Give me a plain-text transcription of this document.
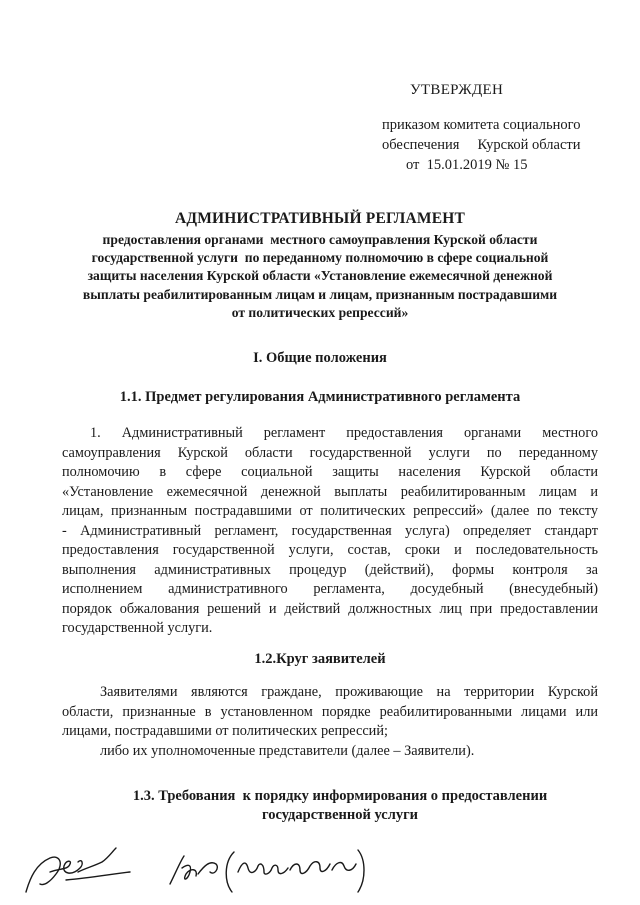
УТВЕРЖДЕН
приказом комитета социального
обеспечения     Курской области
от  15.01.2019 № 15
АДМИНИСТРАТИВНЫЙ РЕГЛАМЕНТ
предоставления органами  местного самоуправления Курской области
государственной услуги  по переданному полномочию в сфере социальной
защиты населения Курской области «Установление ежемесячной денежной
выплаты реабилитированным лицам и лицам, признанным пострадавшими
от политических репрессий»
I. Общие положения
1.1. Предмет регулирования Административного регламента
1. Административный регламент предоставления органами местного
самоуправления Курской области государственной услуги по переданному
полномочию в сфере социальной защиты населения Курской области
«Установление ежемесячной денежной выплаты реабилитированным лицам и
лицам, признанным пострадавшими от политических репрессий» (далее по тексту
- Административный регламент, государственная услуга) определяет стандарт
предоставления государственной услуги, состав, сроки и последовательность
выполнения административных процедур (действий), формы контроля за
исполнением административного регламента, досудебный (внесудебный)
порядок обжалования решений и действий должностных лиц при предоставлении
государственной услуги.
1.2.Круг заявителей
Заявителями являются граждане, проживающие на территории Курской
области, признанные в установленном порядке реабилитированными лицами или
лицами, пострадавшими от политических репрессий;
либо их уполномоченные представители (далее – Заявители).
1.3. Требования  к порядку информирования о предоставлении
государственной услуги
